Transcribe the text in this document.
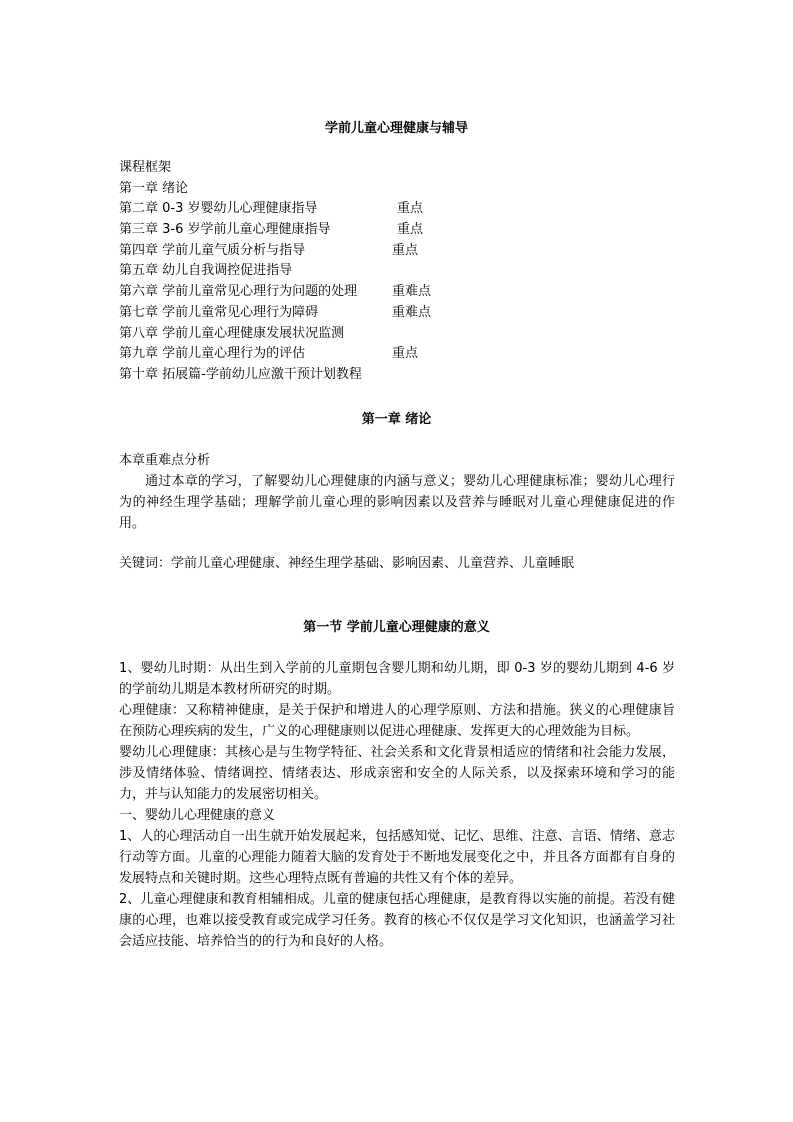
学前儿童心理健康与辅导
课程框架
第一章 绪论
第二章 0-3 岁婴幼儿心理健康指导	重点
第三章 3-6 岁学前儿童心理健康指导	重点
第四章 学前儿童气质分析与指导	重点
第五章 幼儿自我调控促进指导
第六章 学前儿童常见心理行为问题的处理	重难点
第七章 学前儿童常见心理行为障碍	重难点
第八章 学前儿童心理健康发展状况监测
第九章 学前儿童心理行为的评估	重点
第十章 拓展篇-学前幼儿应激干预计划教程
第一章 绪论

本章重难点分析

通过本章的学习，了解婴幼儿心理健康的内涵与意义；婴幼儿心理健康标准；婴幼儿心理行为的神经生理学基础；理解学前儿童心理的影响因素以及营养与睡眠对儿童心理健康促进的作用。

关键词：学前儿童心理健康、神经生理学基础、影响因素、儿童营养、儿童睡眠
第一节 学前儿童心理健康的意义

1、婴幼儿时期：从出生到入学前的儿童期包含婴儿期和幼儿期，即 0-3 岁的婴幼儿期到 4-6 岁的学前幼儿期是本教材所研究的时期。

心理健康：又称精神健康，是关于保护和增进人的心理学原则、方法和措施。狭义的心理健康旨在预防心理疾病的发生，广义的心理健康则以促进心理健康、发挥更大的心理效能为目标。

婴幼儿心理健康：其核心是与生物学特征、社会关系和文化背景相适应的情绪和社会能力发展，涉及情绪体验、情绪调控、情绪表达、形成亲密和安全的人际关系，以及探索环境和学习的能力，并与认知能力的发展密切相关。

一、婴幼儿心理健康的意义

1、人的心理活动自一出生就开始发展起来，包括感知觉、记忆、思维、注意、言语、情绪、意志行动等方面。儿童的心理能力随着大脑的发育处于不断地发展变化之中，并且各方面都有自身的发展特点和关键时期。这些心理特点既有普遍的共性又有个体的差异。

2、儿童心理健康和教育相辅相成。儿童的健康包括心理健康，是教育得以实施的前提。若没有健康的心理，也难以接受教育或完成学习任务。教育的核心不仅仅是学习文化知识，也涵盖学习社会适应技能、培养恰当的的行为和良好的人格。
